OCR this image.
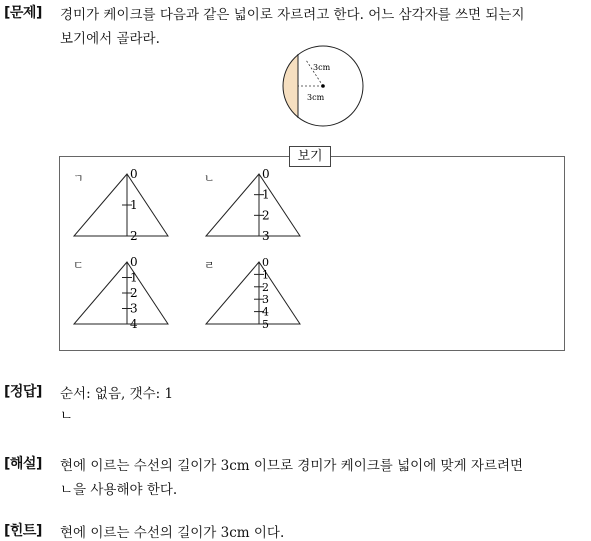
[문제] 경미가 케이크를 다음과 같은 넓이로 자르려고 한다. 어느 삼각자를 쓰면 되는지
보기에서 골라라.
3cm
3cm
보기
ㄱ	ㄴ
ㄷ	ㄹ
0
1
2
0
1
2
3
0
1
2
3
4
0
1
2
3
4
5
[정답] 순서: 없음, 갯수: 1
ㄴ
[해설] 현에 이르는 수선의 길이가 3cm 이므로 경미가 케이크를 넓이에 맞게 자르려면
ㄴ을 사용해야 한다.
[힌트] 현에 이르는 수선의 길이가 3cm 이다.
